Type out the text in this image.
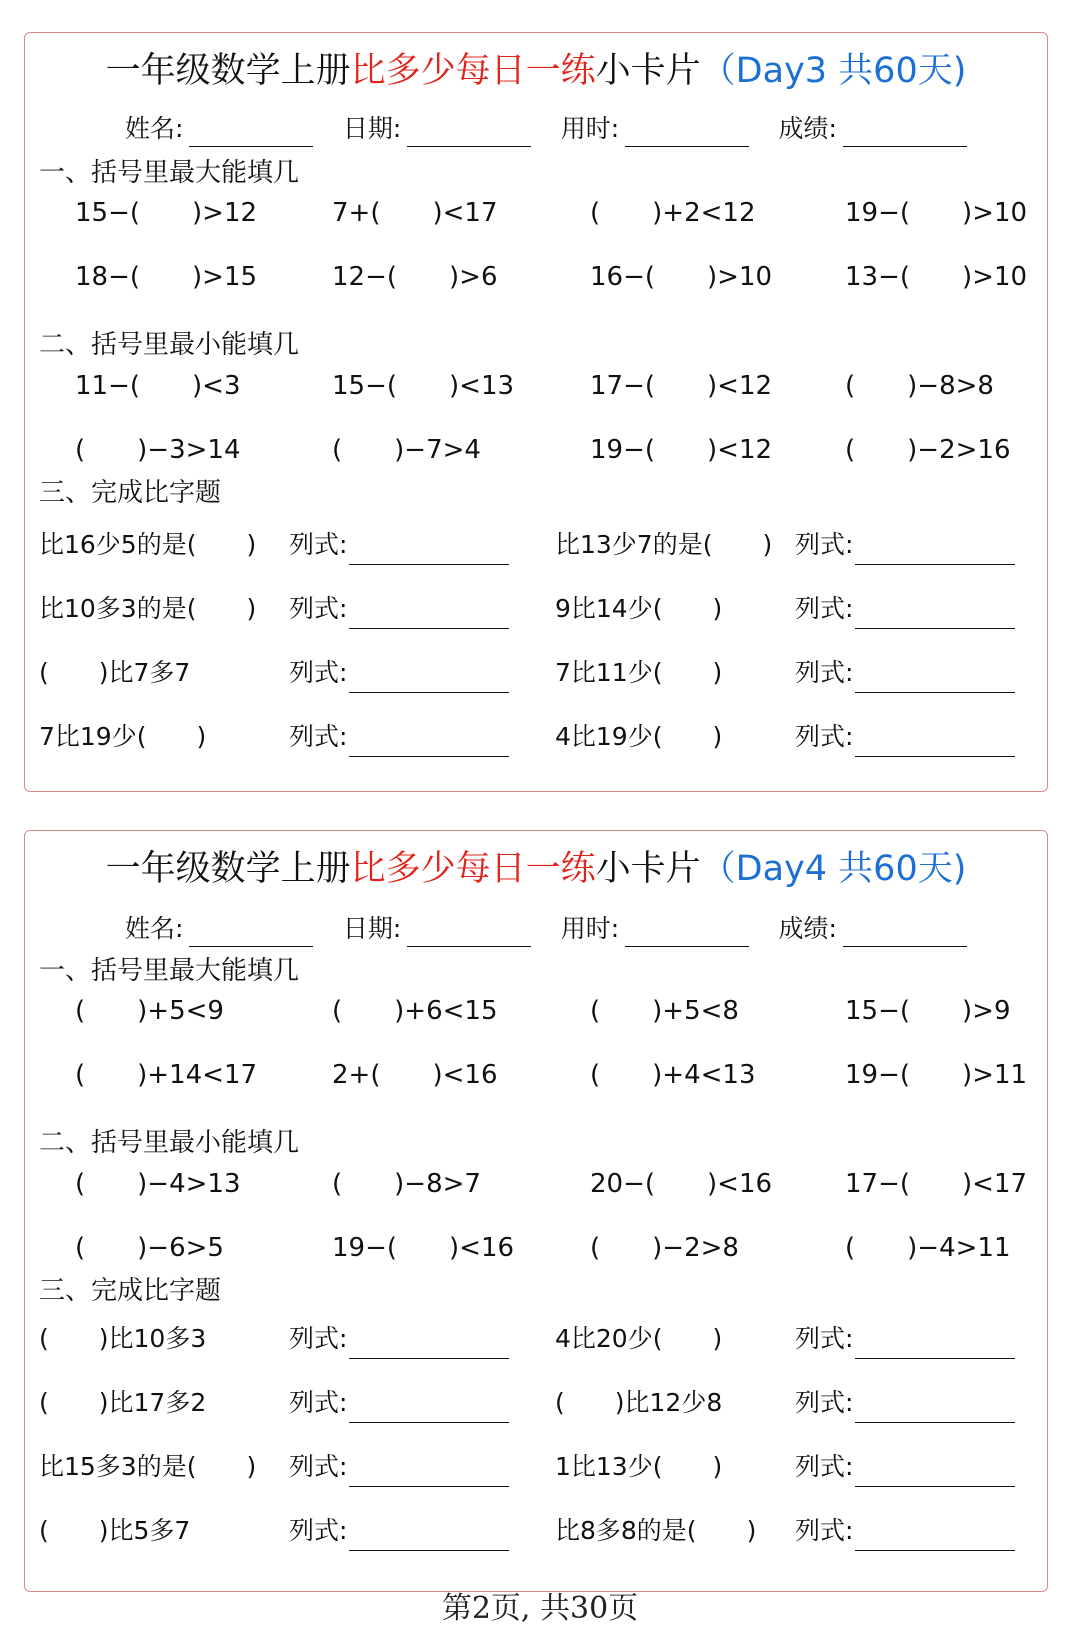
一年级数学上册比多少每日一练小卡片（Day3 共60天)
姓名:	日期:	用时:	成绩:
一、括号里最大能填几
15−(　　)>12	7+(　　)<17	(　　)+2<12	19−(　　)>10
18−(　　)>15	12−(　　)>6	16−(　　)>10	13−(　　)>10
二、括号里最小能填几
11−(　　)<3	15−(　　)<13	17−(　　)<12	(　　)−8>8
(　　)−3>14	(　　)−7>4	19−(　　)<12	(　　)−2>16
三、完成比字题
比16少5的是(　　) 列式:	比13少7的是(　　) 列式:
比10多3的是(　　) 列式:	9比14少(　　)	列式:
(　　)比7多7	列式:	7比11少(　　)	列式:
7比19少(　　)	列式:	4比19少(　　)	列式:
一年级数学上册比多少每日一练小卡片（Day4 共60天)
姓名:	日期:	用时:	成绩:
一、括号里最大能填几
(　　)+5<9	(　　)+6<15	(　　)+5<8	15−(　　)>9
(　　)+14<17	2+(　　)<16	(　　)+4<13	19−(　　)>11
二、括号里最小能填几
(　　)−4>13	(　　)−8>7	20−(　　)<16	17−(　　)<17
(　　)−6>5	19−(　　)<16	(　　)−2>8	(　　)−4>11
三、完成比字题
(　　)比10多3	列式:	4比20少(　　)	列式:
(　　)比17多2	列式:	(　　)比12少8	列式:
比15多3的是(　　) 列式:	1比13少(　　)	列式:
(　　)比5多7	列式:	比8多8的是(　　) 列式:
第2页, 共30页
